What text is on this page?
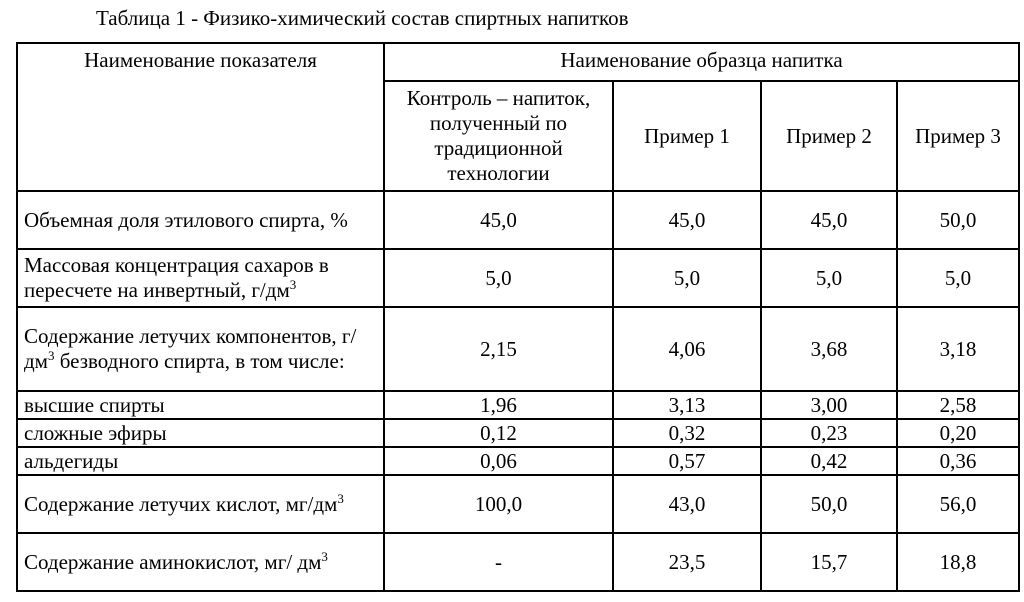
Таблица 1 - Физико-химический состав спиртных напитков
Наименование показателя	Наименование образца напитка			
	Контроль – напиток, полученный по традиционной технологии	Пример 1	Пример 2	Пример 3
Объемная доля этилового спирта, %	45,0	45,0	45,0	50,0
Массовая концентрация сахаров в пересчете на инвертный, $г/дм^3$	5,0	5,0	5,0	5,0
Содержание летучих компонентов, $г/дм^3$ безводного спирта, в том числе:	2,15	4,06	3,68	3,18
высшие спирты	1,96	3,13	3,00	2,58
сложные эфиры	0,12	0,32	0,23	0,20
альдегиды	0,06	0,57	0,42	0,36
Содержание летучих кислот, $мг/дм^3$	100,0	43,0	50,0	56,0
Содержание аминокислот, мг/ $дм^3$	-	23,5	15,7	18,8
